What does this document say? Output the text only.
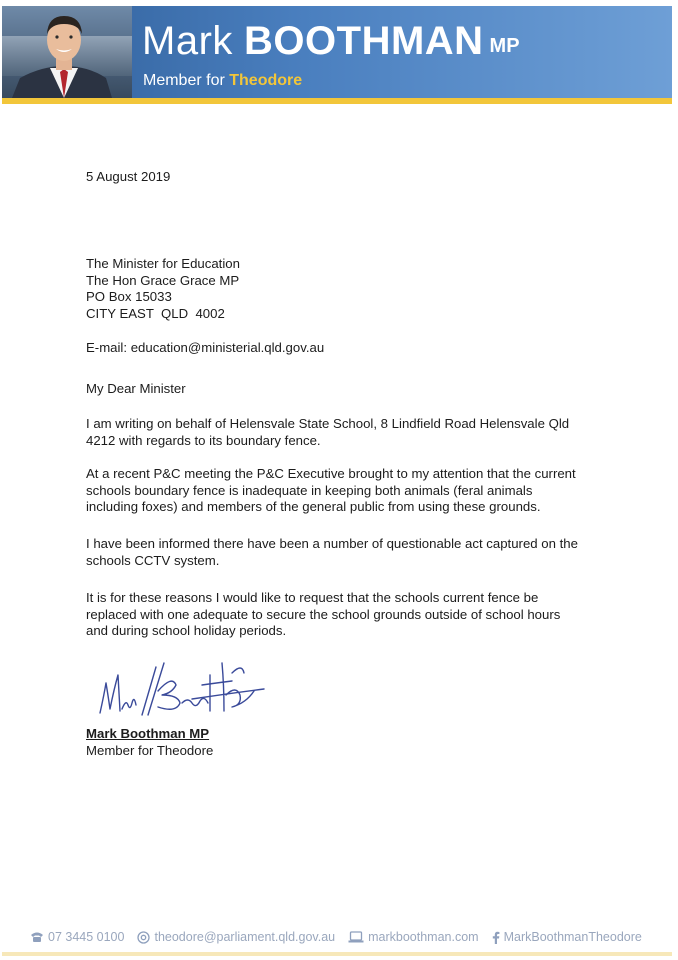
Mark BOOTHMAN MP
Member for Theodore
5 August 2019
The Minister for Education
The Hon Grace Grace MP
PO Box 15033
CITY EAST  QLD  4002
E-mail: education@ministerial.qld.gov.au
My Dear Minister
I am writing on behalf of Helensvale State School, 8 Lindfield Road Helensvale Qld
4212 with regards to its boundary fence.
At a recent P&C meeting the P&C Executive brought to my attention that the current
schools boundary fence is inadequate in keeping both animals (feral animals
including foxes) and members of the general public from using these grounds.
I have been informed there have been a number of questionable act captured on the
schools CCTV system.
It is for these reasons I would like to request that the schools current fence be
replaced with one adequate to secure the school grounds outside of school hours
and during school holiday periods.
Mark Boothman MP
Member for Theodore
07 3445 0100 theodore@parliament.qld.gov.au	markboothman.com MarkBoothmanTheodore
